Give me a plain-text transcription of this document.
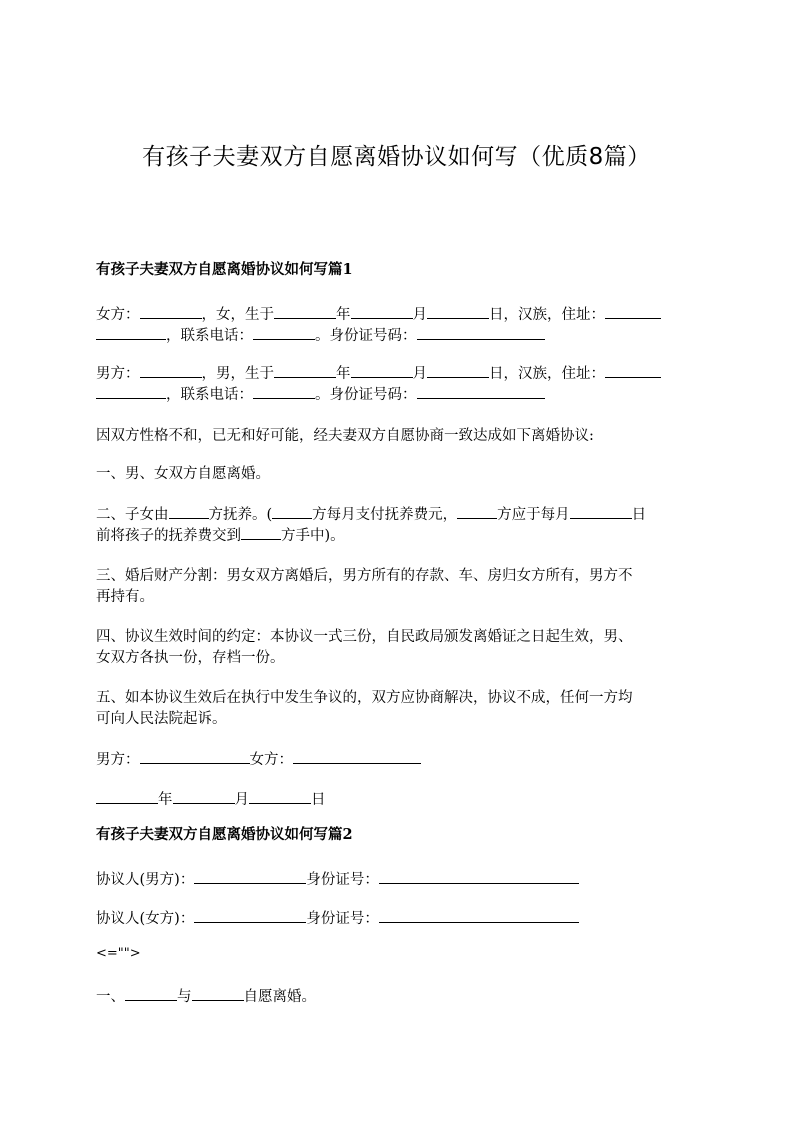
有孩子夫妻双方自愿离婚协议如何写（优质8篇）
有孩子夫妻双方自愿离婚协议如何写篇1
女方：	，女，生于	年	月	日，汉族，住址：
，联系电话：	。身份证号码：
男方：	，男，生于	年	月	日，汉族，住址：
，联系电话：	。身份证号码：
因双方性格不和，已无和好可能，经夫妻双方自愿协商一致达成如下离婚协议:
一、男、女双方自愿离婚。
二、子女由	方抚养。(	方每月支付抚养费元，	方应于每月	日
前将孩子的抚养费交到	方手中)。
三、婚后财产分割：男女双方离婚后，男方所有的存款、车、房归女方所有，男方不
再持有。
四、协议生效时间的约定：本协议一式三份，自民政局颁发离婚证之日起生效，男、
女双方各执一份，存档一份。
五、如本协议生效后在执行中发生争议的，双方应协商解决，协议不成，任何一方均
可向人民法院起诉。
男方：	女方：
年	月	日
有孩子夫妻双方自愿离婚协议如何写篇2
协议人(男方)：	身份证号：
协议人(女方)：	身份证号：
<="">
一、	与	自愿离婚。
